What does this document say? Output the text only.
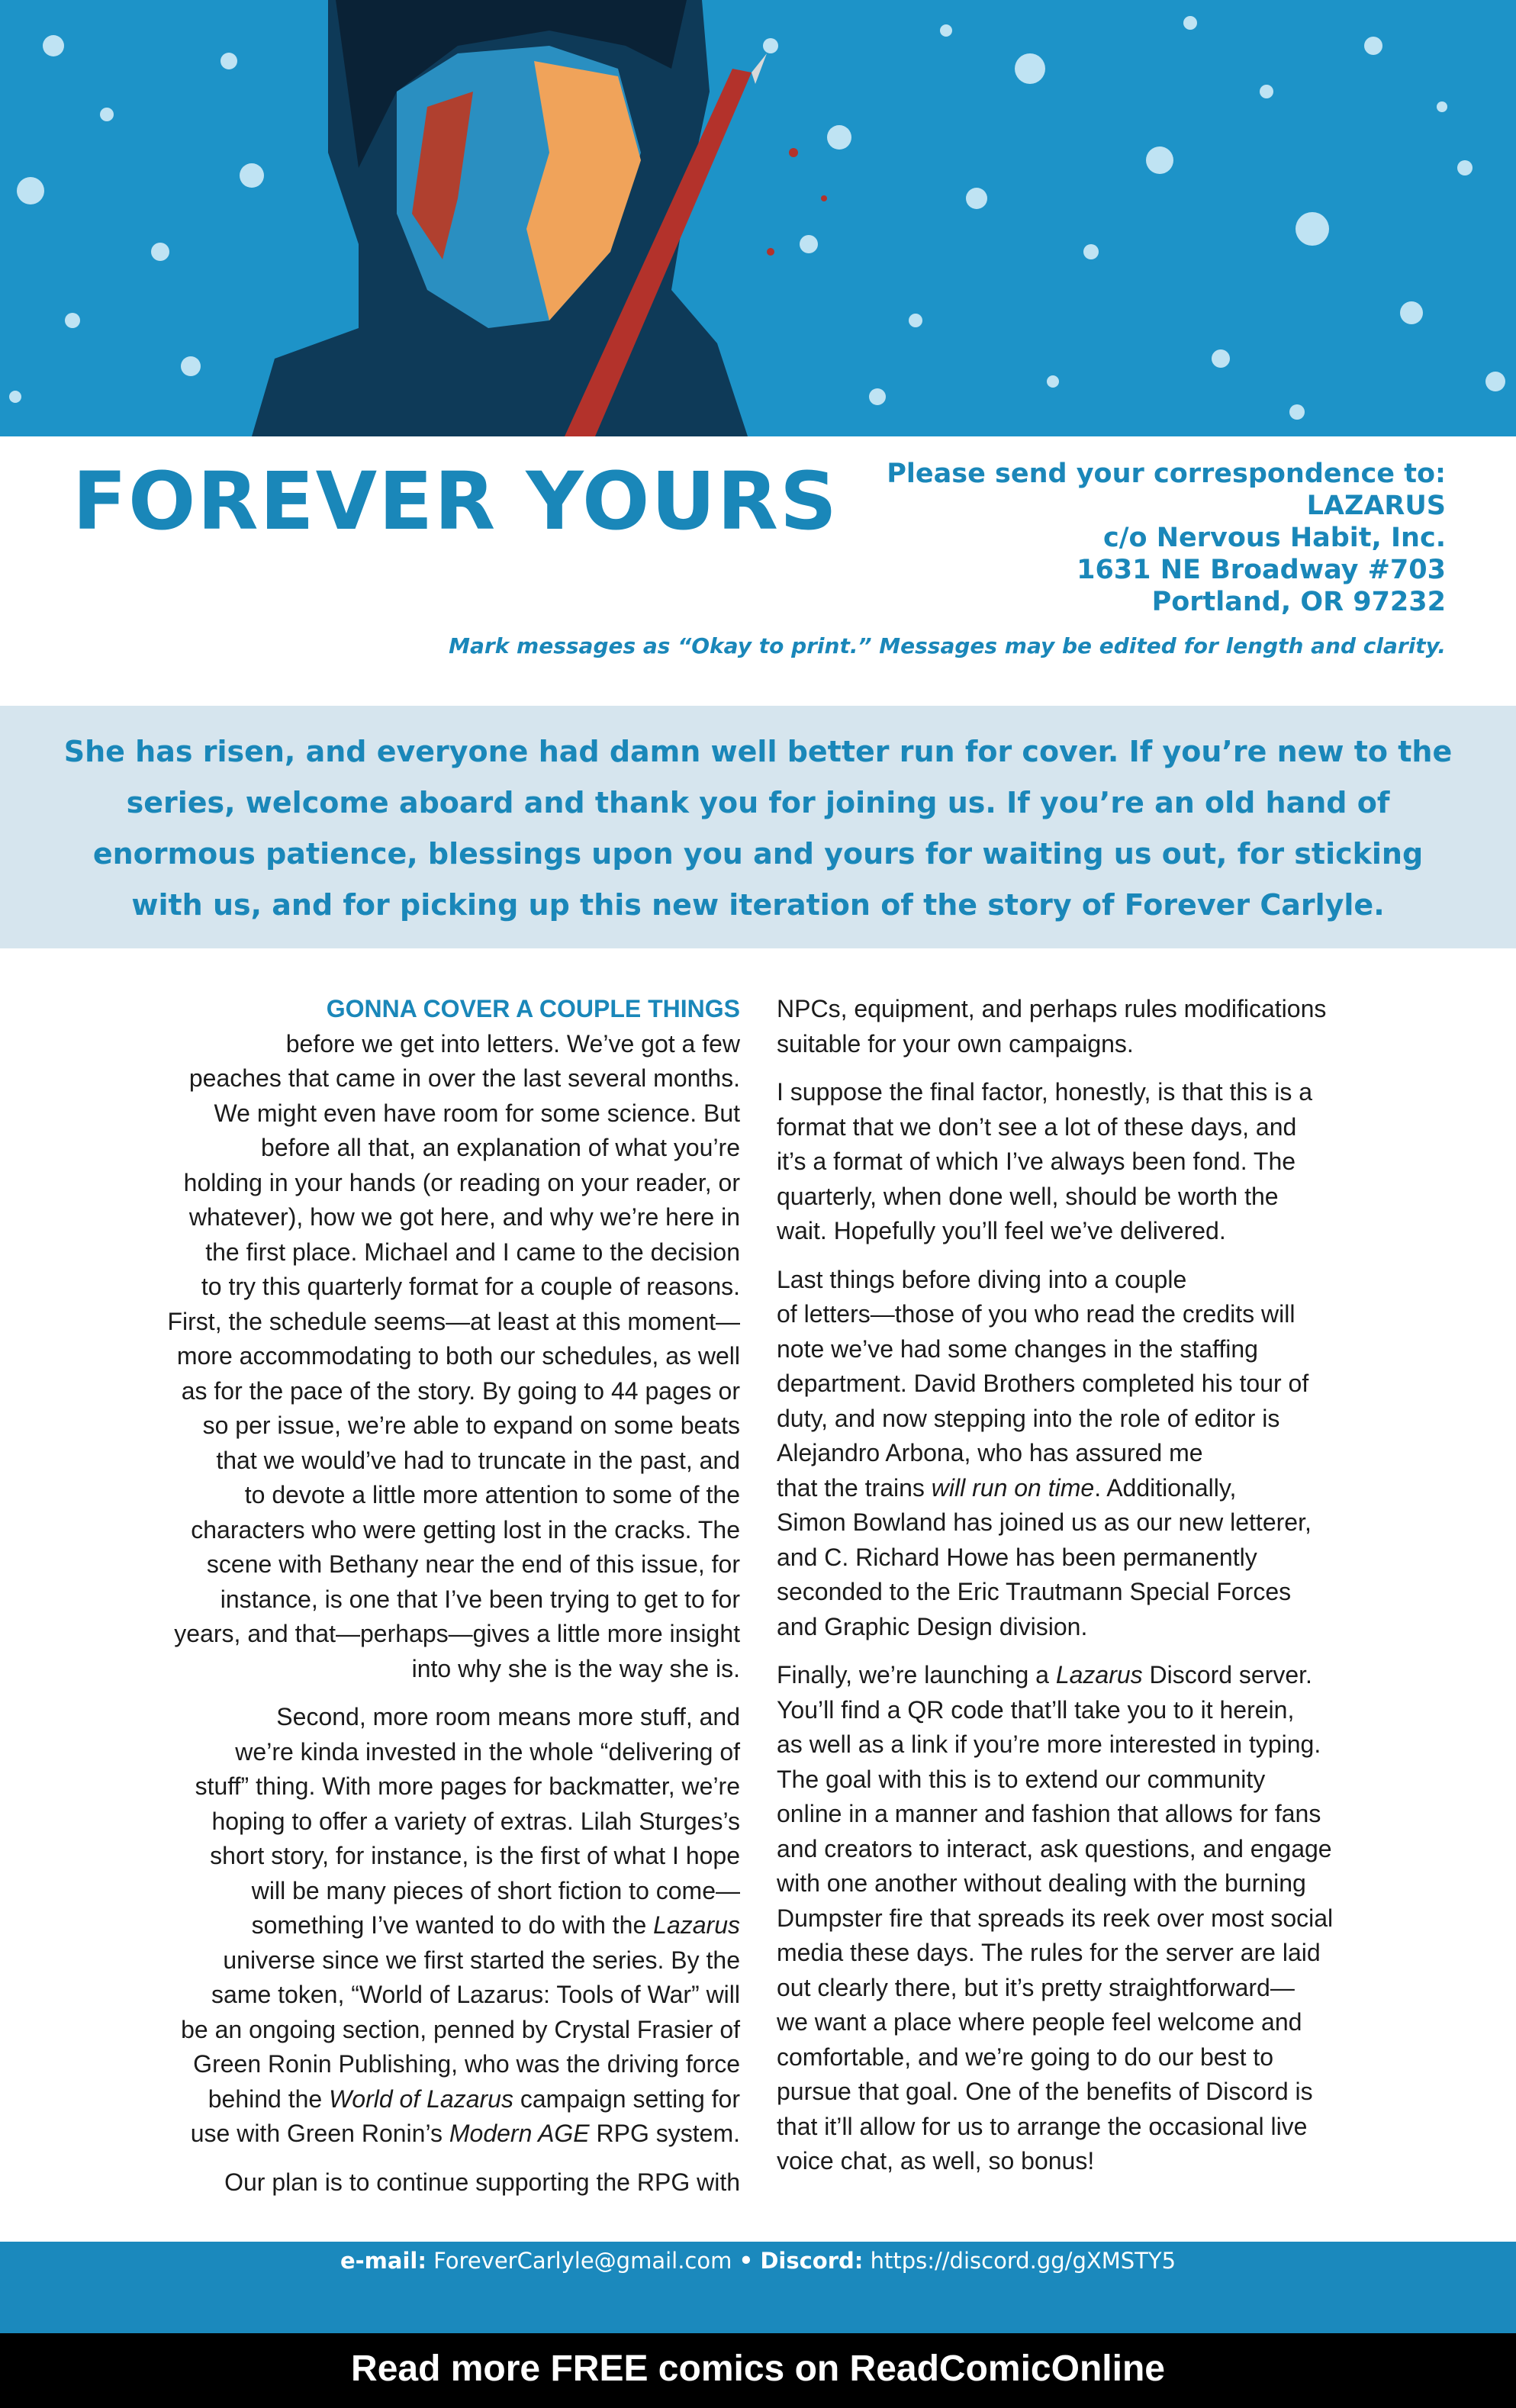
FOREVER YOURS Please send your correspondence to:
LAZARUS
c/o Nervous Habit, Inc.
1631 NE Broadway #703
Portland, OR 97232
Mark messages as “Okay to print.” Messages may be edited for length and clarity.

She has risen, and everyone had damn well better run for cover. If you’re new to the series, welcome aboard and thank you for joining us. If you’re an old hand of enormous patience, blessings upon you and yours for waiting us out, for sticking with us, and for picking up this new iteration of the story of Forever Carlyle.

GONNA COVER A COUPLE THINGS
before we get into letters. We’ve got a few
peaches that came in over the last several months.
We might even have room for some science. But
before all that, an explanation of what you’re
holding in your hands (or reading on your reader, or
whatever), how we got here, and why we’re here in
the first place. Michael and I came to the decision
to try this quarterly format for a couple of reasons.
First, the schedule seems—at least at this moment—
more accommodating to both our schedules, as well
as for the pace of the story. By going to 44 pages or
so per issue, we’re able to expand on some beats
that we would’ve had to truncate in the past, and
to devote a little more attention to some of the
characters who were getting lost in the cracks. The
scene with Bethany near the end of this issue, for
instance, is one that I’ve been trying to get to for
years, and that—perhaps—gives a little more insight
into why she is the way she is.

Second, more room means more stuff, and
we’re kinda invested in the whole “delivering of
stuff” thing. With more pages for backmatter, we’re
hoping to offer a variety of extras. Lilah Sturges’s
short story, for instance, is the first of what I hope
will be many pieces of short fiction to come—
something I’ve wanted to do with the Lazarus
universe since we first started the series. By the
same token, “World of Lazarus: Tools of War” will
be an ongoing section, penned by Crystal Frasier of
Green Ronin Publishing, who was the driving force
behind the World of Lazarus campaign setting for
use with Green Ronin’s Modern AGE RPG system.

Our plan is to continue supporting the RPG with

NPCs, equipment, and perhaps rules modifications
suitable for your own campaigns.

I suppose the final factor, honestly, is that this is a
format that we don’t see a lot of these days, and
it’s a format of which I’ve always been fond. The
quarterly, when done well, should be worth the
wait. Hopefully you’ll feel we’ve delivered.

Last things before diving into a couple
of letters—those of you who read the credits will
note we’ve had some changes in the staffing
department. David Brothers completed his tour of
duty, and now stepping into the role of editor is
Alejandro Arbona, who has assured me
that the trains will run on time. Additionally,
Simon Bowland has joined us as our new letterer,
and C. Richard Howe has been permanently
seconded to the Eric Trautmann Special Forces
and Graphic Design division.

Finally, we’re launching a Lazarus Discord server.
You’ll find a QR code that’ll take you to it herein,
as well as a link if you’re more interested in typing.
The goal with this is to extend our community
online in a manner and fashion that allows for fans
and creators to interact, ask questions, and engage
with one another without dealing with the burning
Dumpster fire that spreads its reek over most social
media these days. The rules for the server are laid
out clearly there, but it’s pretty straightforward—
we want a place where people feel welcome and
comfortable, and we’re going to do our best to
pursue that goal. One of the benefits of Discord is
that it’ll allow for us to arrange the occasional live
voice chat, as well, so bonus!

e-mail: ForeverCarlyle@gmail.com • Discord: https://discord.gg/gXMSTY5
Read more FREE comics on ReadComicOnline
